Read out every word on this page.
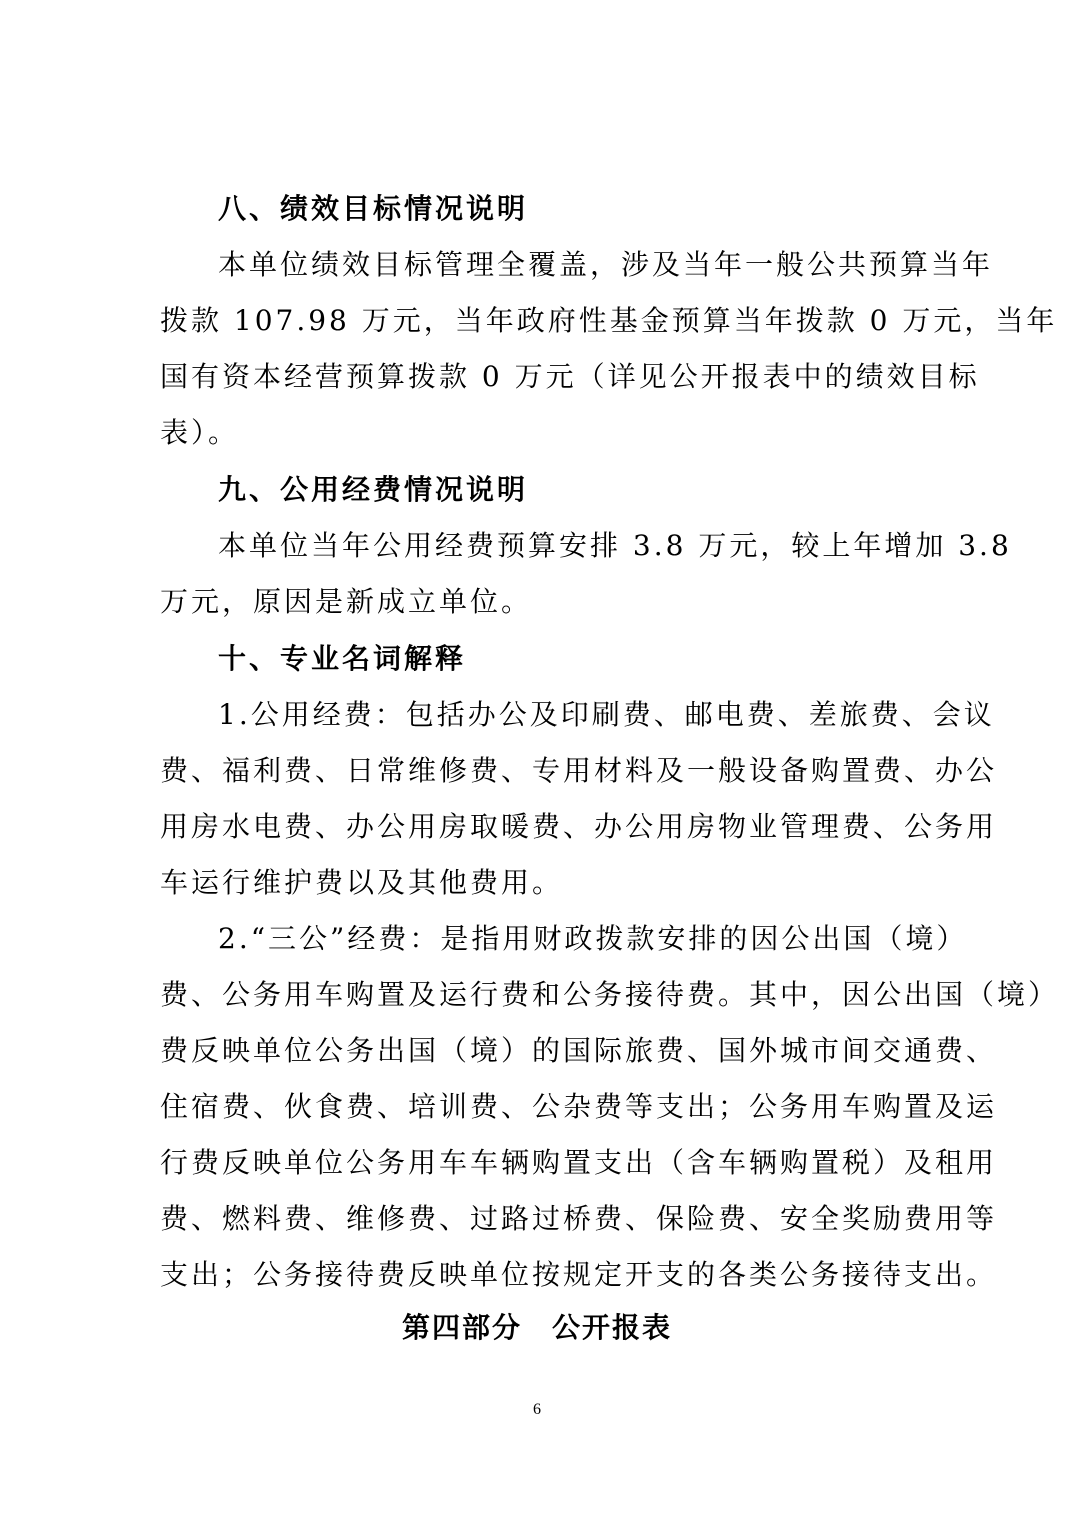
八、绩效目标情况说明

本单位绩效目标管理全覆盖，涉及当年一般公共预算当年
拨款 107.98 万元，当年政府性基金预算当年拨款 0 万元，当年
国有资本经营预算拨款 0 万元（详见公开报表中的绩效目标
表）。

九、公用经费情况说明

本单位当年公用经费预算安排 3.8 万元，较上年增加 3.8
万元，原因是新成立单位。

十、专业名词解释

1.公用经费：包括办公及印刷费、邮电费、差旅费、会议
费、福利费、日常维修费、专用材料及一般设备购置费、办公
用房水电费、办公用房取暖费、办公用房物业管理费、公务用
车运行维护费以及其他费用。

2.“三公”经费：是指用财政拨款安排的因公出国（境）
费、公务用车购置及运行费和公务接待费。其中，因公出国（境）
费反映单位公务出国（境）的国际旅费、国外城市间交通费、
住宿费、伙食费、培训费、公杂费等支出；公务用车购置及运
行费反映单位公务用车车辆购置支出（含车辆购置税）及租用
费、燃料费、维修费、过路过桥费、保险费、安全奖励费用等
支出；公务接待费反映单位按规定开支的各类公务接待支出。

第四部分　公开报表
6
